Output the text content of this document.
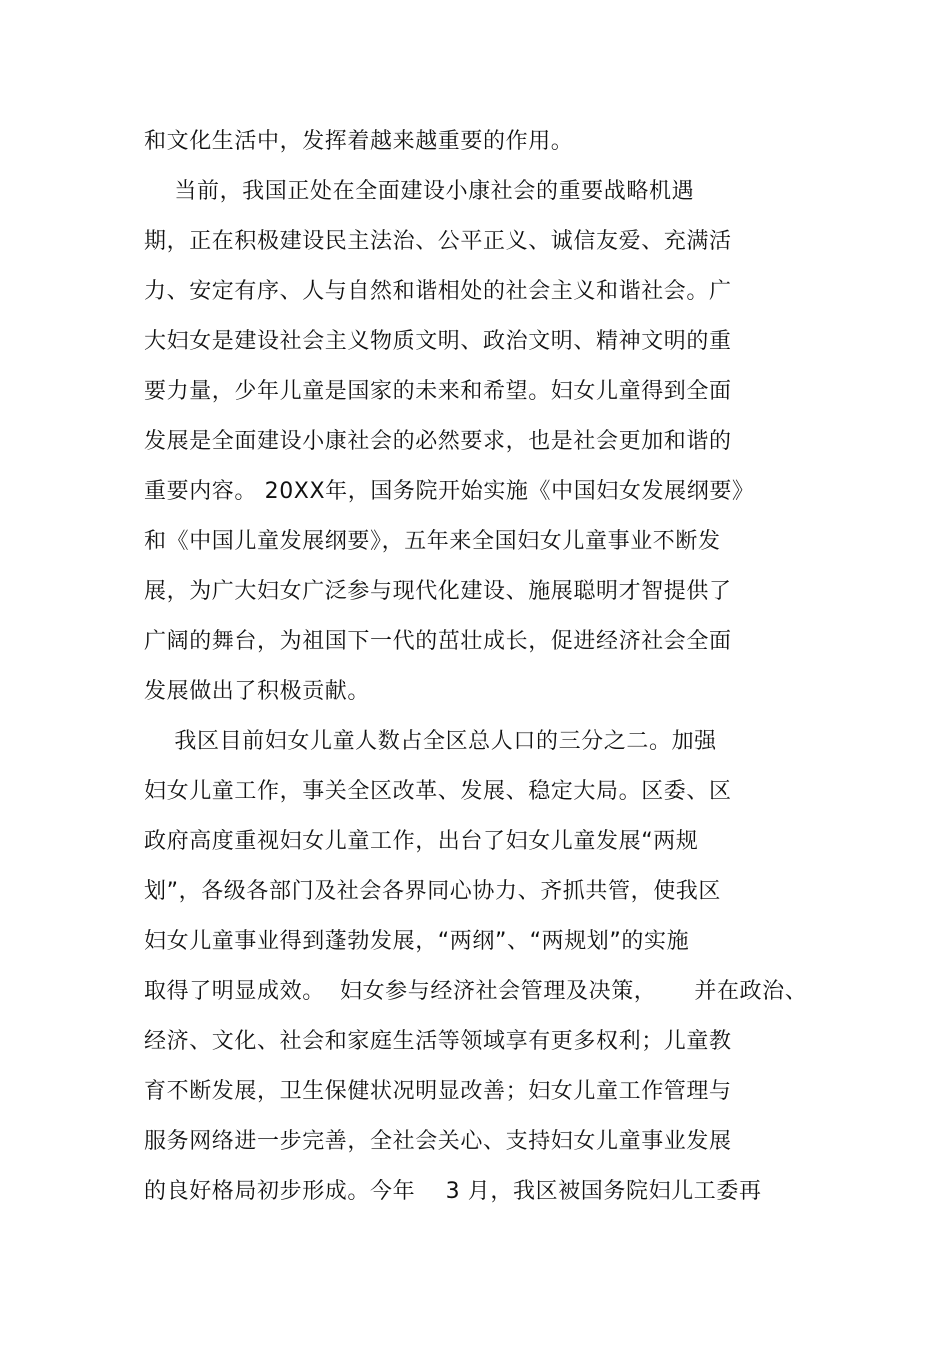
和文化生活中，发挥着越来越重要的作用。
当前，我国正处在全面建设小康社会的重要战略机遇
期，正在积极建设民主法治、公平正义、诚信友爱、充满活
力、安定有序、人与自然和谐相处的社会主义和谐社会。广
大妇女是建设社会主义物质文明、政治文明、精神文明的重
要力量，少年儿童是国家的未来和希望。妇女儿童得到全面
发展是全面建设小康社会的必然要求，也是社会更加和谐的
重要内容。 20XX年，国务院开始实施《中国妇女发展纲要》
和《中国儿童发展纲要》，五年来全国妇女儿童事业不断发
展，为广大妇女广泛参与现代化建设、施展聪明才智提供了
广阔的舞台，为祖国下一代的茁壮成长，促进经济社会全面
发展做出了积极贡献。
我区目前妇女儿童人数占全区总人口的三分之二。加强
妇女儿童工作，事关全区改革、发展、稳定大局。区委、区
政府高度重视妇女儿童工作，出台了妇女儿童发展“两规
划”，各级各部门及社会各界同心协力、齐抓共管，使我区
妇女儿童事业得到蓬勃发展，“两纲”、“两规划”的实施
取得了明显成效。  妇女参与经济社会管理及决策，     并在政治、
经济、文化、社会和家庭生活等领域享有更多权利；儿童教
育不断发展，卫生保健状况明显改善；妇女儿童工作管理与
服务网络进一步完善，全社会关心、支持妇女儿童事业发展
的良好格局初步形成。今年    3 月，我区被国务院妇儿工委再
